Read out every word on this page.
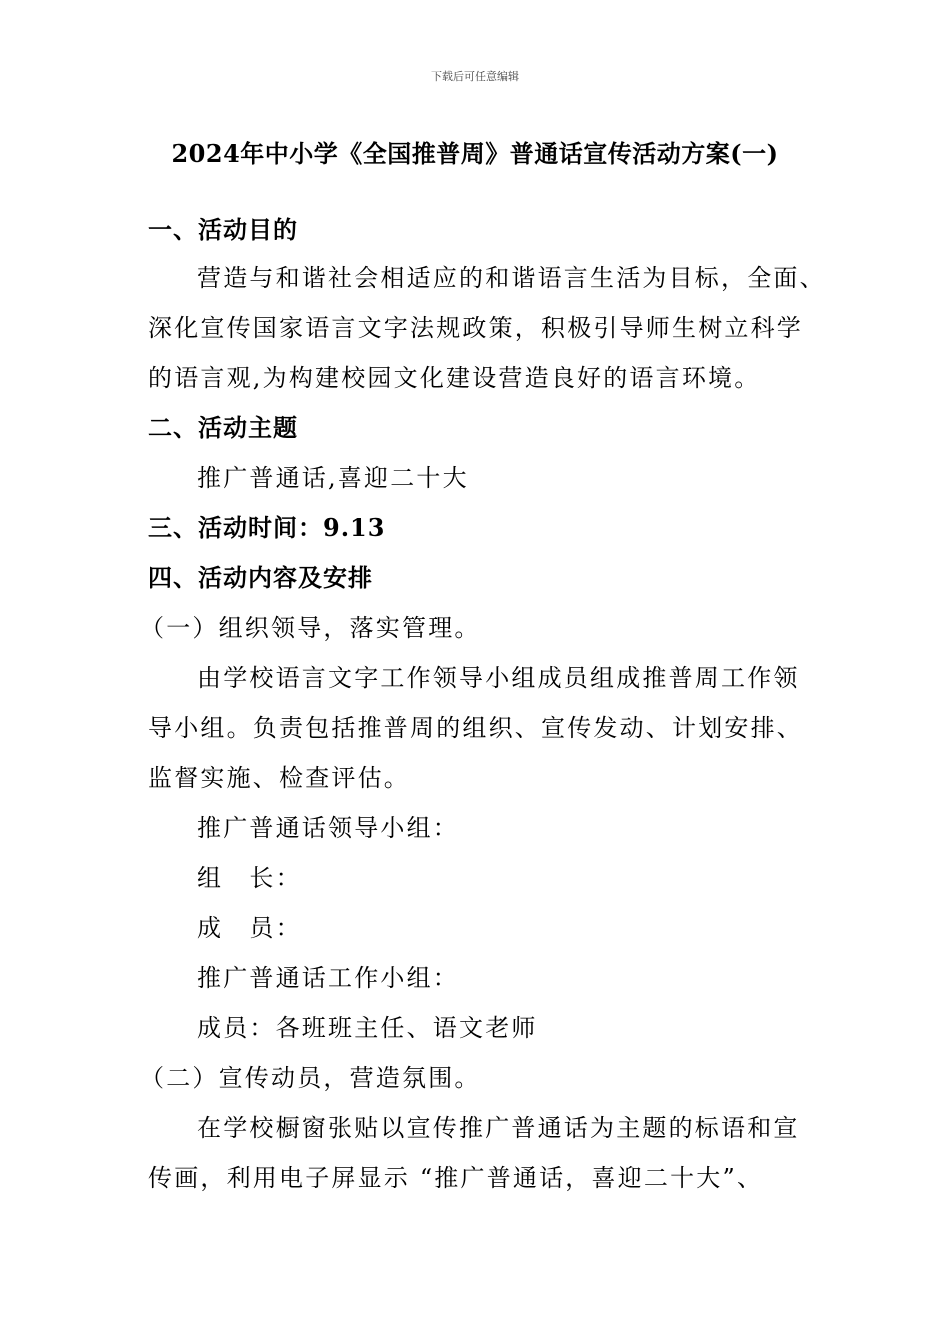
下载后可任意编辑
2024年中小学《全国推普周》普通话宣传活动方案(一)
一、活动目的
营造与和谐社会相适应的和谐语言生活为目标，全面、
深化宣传国家语言文字法规政策，积极引导师生树立科学
的语言观,为构建校园文化建设营造良好的语言环境。
二、活动主题
推广普通话,喜迎二十大
三、活动时间：9.13
四、活动内容及安排
（一）组织领导，落实管理。
由学校语言文字工作领导小组成员组成推普周工作领
导小组。负责包括推普周的组织、宣传发动、计划安排、
监督实施、检查评估。
推广普通话领导小组：
组　长：
成　员：
推广普通话工作小组：
成员：各班班主任、语文老师
（二）宣传动员，营造氛围。
在学校橱窗张贴以宣传推广普通话为主题的标语和宣
传画，利用电子屏显示 “推广普通话，喜迎二十大”、
